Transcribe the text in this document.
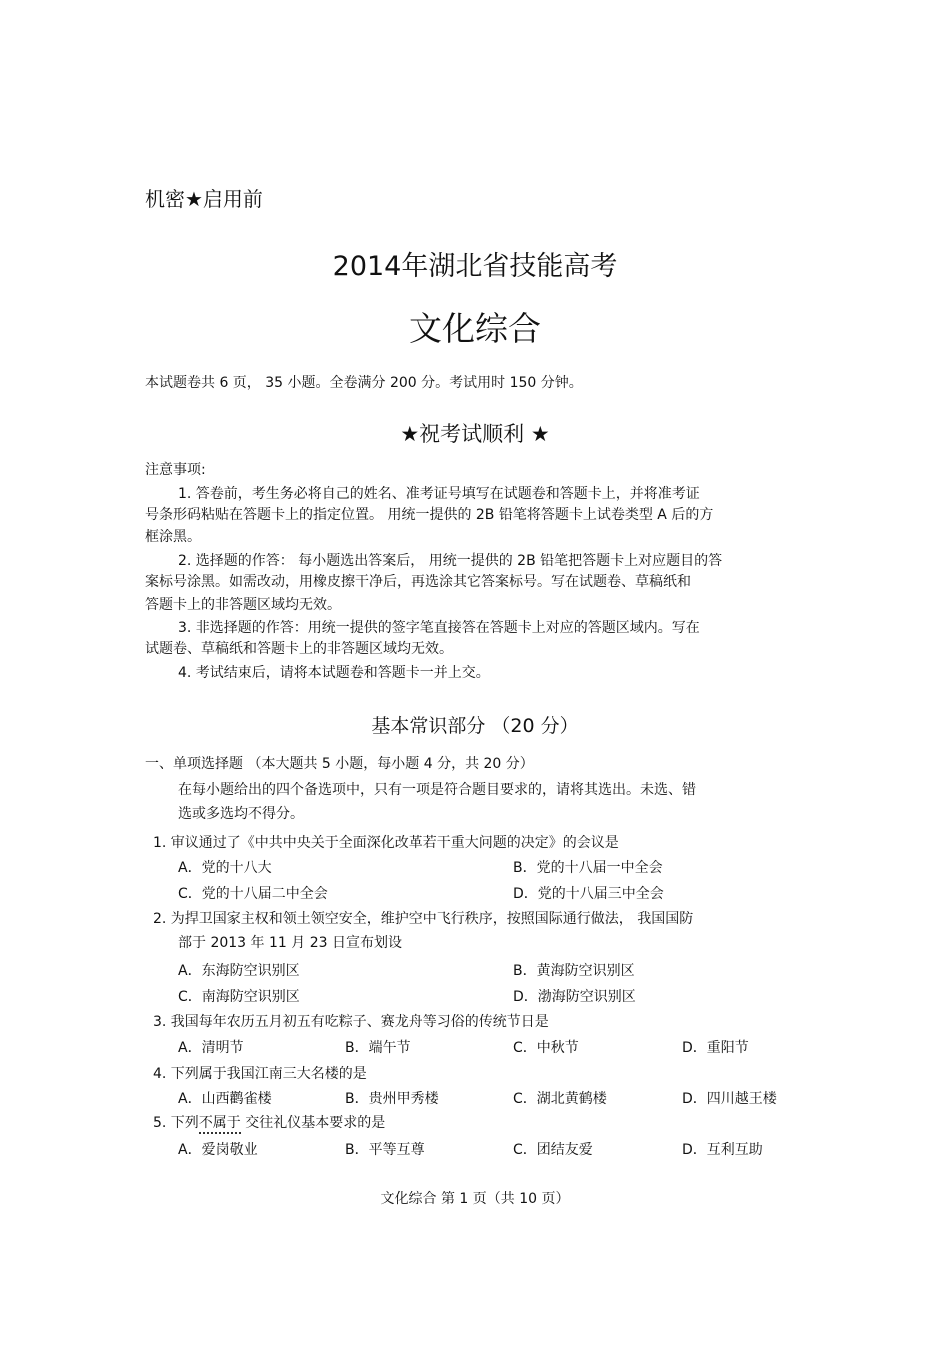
机密★启用前
2014年湖北省技能高考
文化综合
本试题卷共 6 页， 35 小题。全卷满分 200 分。考试用时 150 分钟。
★祝考试顺利 ★
注意事项:
1. 答卷前，考生务必将自己的姓名、准考证号填写在试题卷和答题卡上，并将准考证
号条形码粘贴在答题卡上的指定位置。 用统一提供的 2B 铅笔将答题卡上试卷类型 A 后的方
框涂黑。
2. 选择题的作答： 每小题选出答案后， 用统一提供的 2B 铅笔把答题卡上对应题目的答
案标号涂黑。如需改动，用橡皮擦干净后，再选涂其它答案标号。写在试题卷、草稿纸和
答题卡上的非答题区域均无效。
3. 非选择题的作答：用统一提供的签字笔直接答在答题卡上对应的答题区域内。写在
试题卷、草稿纸和答题卡上的非答题区域均无效。
4. 考试结束后，请将本试题卷和答题卡一并上交。
基本常识部分 （20 分）
一、单项选择题 （本大题共 5 小题，每小题 4 分，共 20 分）
在每小题给出的四个备选项中，只有一项是符合题目要求的，请将其选出。未选、错
选或多选均不得分。
1. 审议通过了《中共中央关于全面深化改革若干重大问题的决定》的会议是
A．党的十八大	B．党的十八届一中全会
C．党的十八届二中全会	D．党的十八届三中全会
2. 为捍卫国家主权和领土领空安全，维护空中飞行秩序，按照国际通行做法， 我国国防
部于 2013 年 11 月 23 日宣布划设
A．东海防空识别区	B．黄海防空识别区
C．南海防空识别区	D．渤海防空识别区
3. 我国每年农历五月初五有吃粽子、赛龙舟等习俗的传统节日是
A．清明节	B．端午节	C．中秋节	D．重阳节
4. 下列属于我国江南三大名楼的是
A．山西鹳雀楼	B．贵州甲秀楼	C．湖北黄鹤楼	D．四川越王楼
5. 下列不属于 交往礼仪基本要求的是
A．爱岗敬业	B．平等互尊	C．团结友爱	D．互利互助
文化综合 第 1 页（共 10 页）
